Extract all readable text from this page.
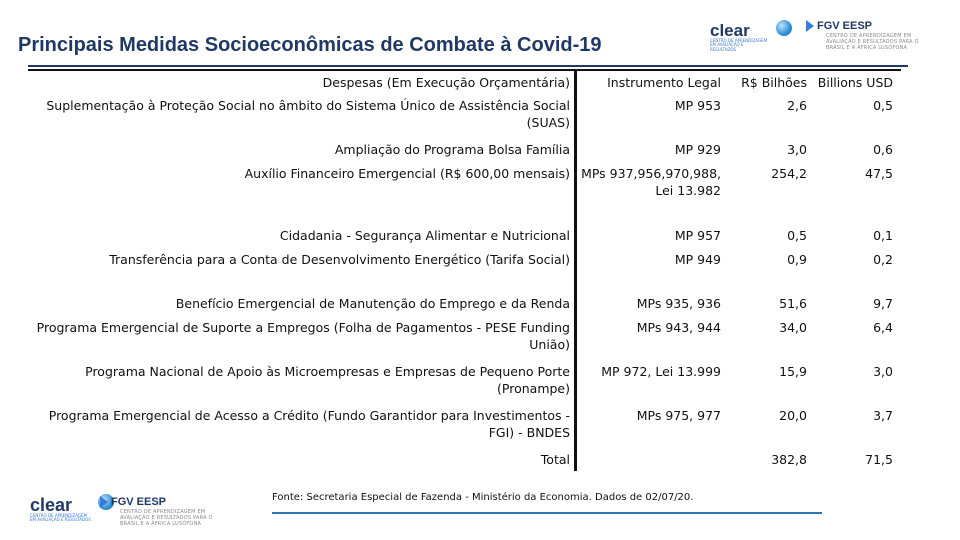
Principais Medidas Socioeconômicas de Combate à Covid-19
clear
CENTRO DE APRENDIZAGEM EM AVALIAÇÃO E RESULTADOS
FGV EESP
CENTRO DE APRENDIZAGEM EM AVALIAÇÃO E RESULTADOS PARA O BRASIL E A ÁFRICA LUSÓFONA
Despesas (Em Execução Orçamentária)	Instrumento Legal	R$ Bilhões	Billions USD
Suplementação à Proteção Social no âmbito do Sistema Único de Assistência Social (SUAS)	MP 953	2,6	0,5
Ampliação do Programa Bolsa Família	MP 929	3,0	0,6
Auxílio Financeiro Emergencial (R$ 600,00 mensais)	MPs 937,956,970,988, Lei 13.982	254,2	47,5
Cidadania - Segurança Alimentar e Nutricional	MP 957	0,5	0,1
Transferência para a Conta de Desenvolvimento Energético (Tarifa Social)	MP 949	0,9	0,2
Benefício Emergencial de Manutenção do Emprego e da Renda	MPs 935, 936	51,6	9,7
Programa Emergencial de Suporte a Empregos (Folha de Pagamentos - PESE Funding União)	MPs 943, 944	34,0	6,4
Programa Nacional de Apoio às Microempresas e Empresas de Pequeno Porte (Pronampe)	MP 972, Lei 13.999	15,9	3,0
Programa Emergencial de Acesso a Crédito (Fundo Garantidor para Investimentos - FGI) - BNDES	MPs 975, 977	20,0	3,7
Total		382,8	71,5
Fonte: Secretaria Especial de Fazenda - Ministério da Economia. Dados de 02/07/20.
clear
CENTRO DE APRENDIZAGEM EM AVALIAÇÃO E RESULTADOS
FGV EESP
CENTRO DE APRENDIZAGEM EM AVALIAÇÃO E RESULTADOS PARA O BRASIL E A ÁFRICA LUSÓFONA
